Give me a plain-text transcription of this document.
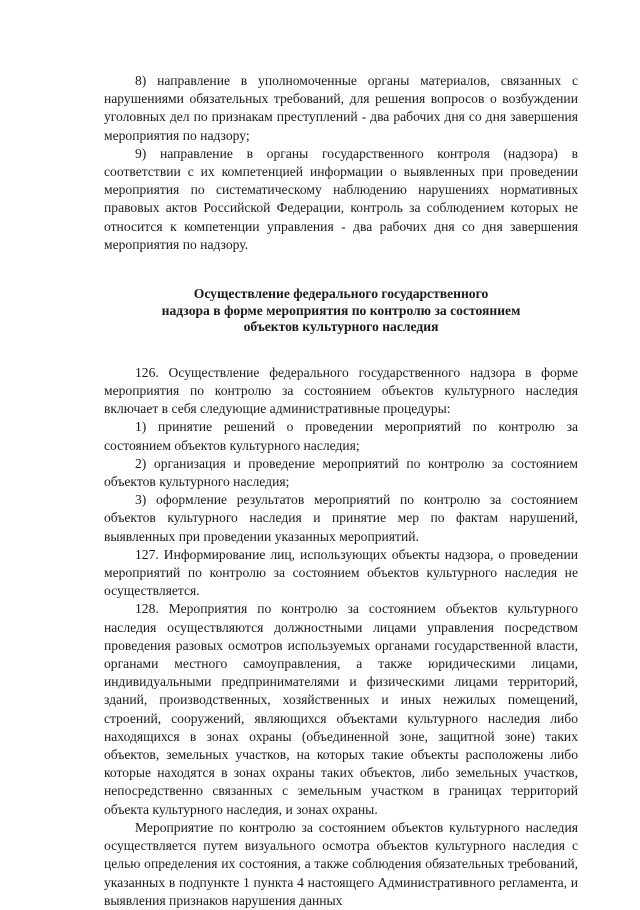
8) направление в уполномоченные органы материалов, связанных с нарушениями обязательных требований, для решения вопросов о возбуждении уголовных дел по признакам преступлений - два рабочих дня со дня завершения мероприятия по надзору;

9) направление в органы государственного контроля (надзора) в соответствии с их компетенцией информации о выявленных при проведении мероприятия по систематическому наблюдению нарушениях нормативных правовых актов Российской Федерации, контроль за соблюдением которых не относится к компетенции управления - два рабочих дня со дня завершения мероприятия по надзору.

Осуществление федерального государственного
надзора в форме мероприятия по контролю за состоянием
объектов культурного наследия

126. Осуществление федерального государственного надзора в форме мероприятия по контролю за состоянием объектов культурного наследия включает в себя следующие административные процедуры:

1) принятие решений о проведении мероприятий по контролю за состоянием объектов культурного наследия;

2) организация и проведение мероприятий по контролю за состоянием объектов культурного наследия;

3) оформление результатов мероприятий по контролю за состоянием объектов культурного наследия и принятие мер по фактам нарушений, выявленных при проведении указанных мероприятий.

127. Информирование лиц, использующих объекты надзора, о проведении мероприятий по контролю за состоянием объектов культурного наследия не осуществляется.

128. Мероприятия по контролю за состоянием объектов культурного наследия осуществляются должностными лицами управления посредством проведения разовых осмотров используемых органами государственной власти, органами местного самоуправления, а также юридическими лицами, индивидуальными предпринимателями и физическими лицами территорий, зданий, производственных, хозяйственных и иных нежилых помещений, строений, сооружений, являющихся объектами культурного наследия либо находящихся в зонах охраны (объединенной зоне, защитной зоне) таких объектов, земельных участков, на которых такие объекты расположены либо которые находятся в зонах охраны таких объектов, либо земельных участков, непосредственно связанных с земельным участком в границах территорий объекта культурного наследия, и зонах охраны.

Мероприятие по контролю за состоянием объектов культурного наследия осуществляется путем визуального осмотра объектов культурного наследия с целью определения их состояния, а также соблюдения обязательных требований, указанных в подпункте 1 пункта 4 настоящего Административного регламента, и выявления признаков нарушения данных
